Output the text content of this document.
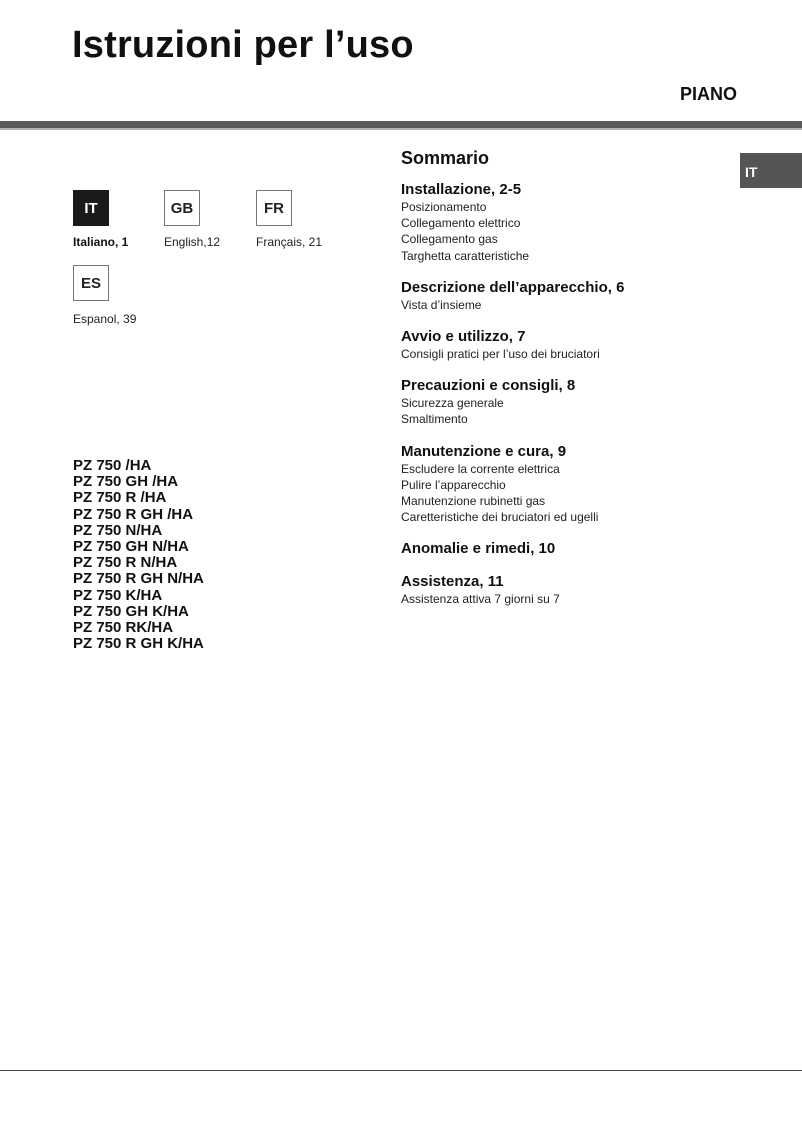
Istruzioni per l’uso
PIANO
IT
IT	GB	FR
ES
Italiano, 1	English,12	Français, 21
Espanol, 39
PZ 750 /HA
PZ 750 GH /HA
PZ 750 R /HA
PZ 750 R GH /HA
PZ 750 N/HA
PZ 750 GH N/HA
PZ 750 R N/HA
PZ 750 R GH N/HA
PZ 750 K/HA
PZ 750 GH K/HA
PZ 750 RK/HA
PZ 750 R GH K/HA
Sommario
Installazione, 2-5
Posizionamento
Collegamento elettrico
Collegamento gas
Targhetta caratteristiche
Descrizione dell’apparecchio, 6
Vista d’insieme
Avvio e utilizzo, 7
Consigli pratici per l’uso dei bruciatori
Precauzioni e consigli, 8
Sicurezza generale
Smaltimento
Manutenzione e cura, 9
Escludere la corrente elettrica
Pulire l’apparecchio
Manutenzione rubinetti gas
Caretteristiche dei bruciatori ed ugelli
Anomalie e rimedi, 10
Assistenza, 11
Assistenza attiva 7 giorni su 7
